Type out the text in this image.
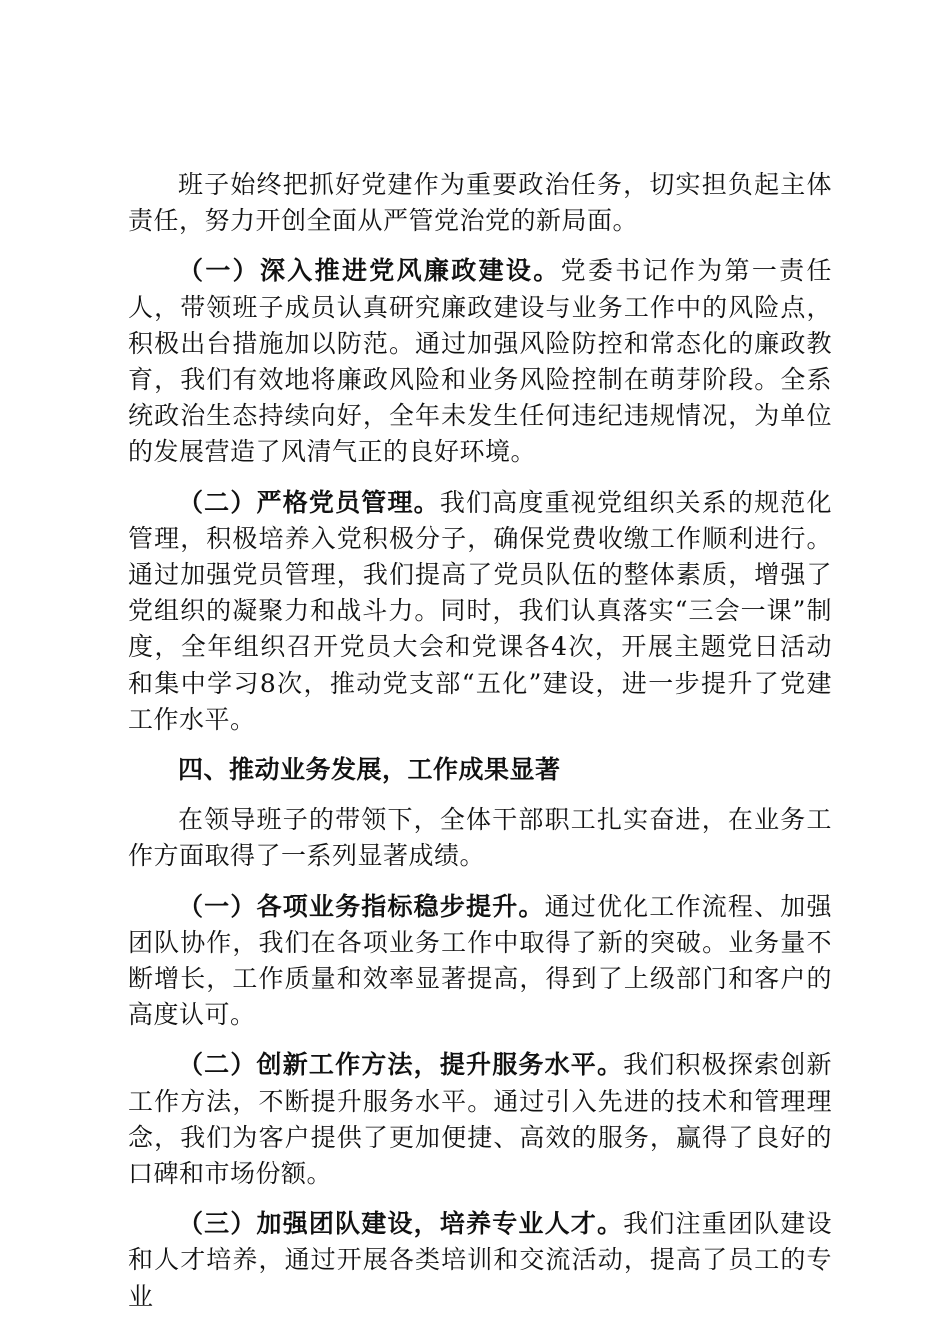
班子始终把抓好党建作为重要政治任务，切实担负起主体责任，努力开创全面从严管党治党的新局面。

（一）深入推进党风廉政建设。党委书记作为第一责任人，带领班子成员认真研究廉政建设与业务工作中的风险点，积极出台措施加以防范。通过加强风险防控和常态化的廉政教育，我们有效地将廉政风险和业务风险控制在萌芽阶段。全系统政治生态持续向好，全年未发生任何违纪违规情况，为单位的发展营造了风清气正的良好环境。

（二）严格党员管理。我们高度重视党组织关系的规范化管理，积极培养入党积极分子，确保党费收缴工作顺利进行。通过加强党员管理，我们提高了党员队伍的整体素质，增强了党组织的凝聚力和战斗力。同时，我们认真落实“三会一课”制度，全年组织召开党员大会和党课各4次，开展主题党日活动和集中学习8次，推动党支部“五化”建设，进一步提升了党建工作水平。

四、推动业务发展，工作成果显著

在领导班子的带领下，全体干部职工扎实奋进，在业务工作方面取得了一系列显著成绩。

（一）各项业务指标稳步提升。通过优化工作流程、加强团队协作，我们在各项业务工作中取得了新的突破。业务量不断增长，工作质量和效率显著提高，得到了上级部门和客户的高度认可。

（二）创新工作方法，提升服务水平。我们积极探索创新工作方法，不断提升服务水平。通过引入先进的技术和管理理念，我们为客户提供了更加便捷、高效的服务，赢得了良好的口碑和市场份额。

（三）加强团队建设，培养专业人才。我们注重团队建设和人才培养，通过开展各类培训和交流活动，提高了员工的专业
